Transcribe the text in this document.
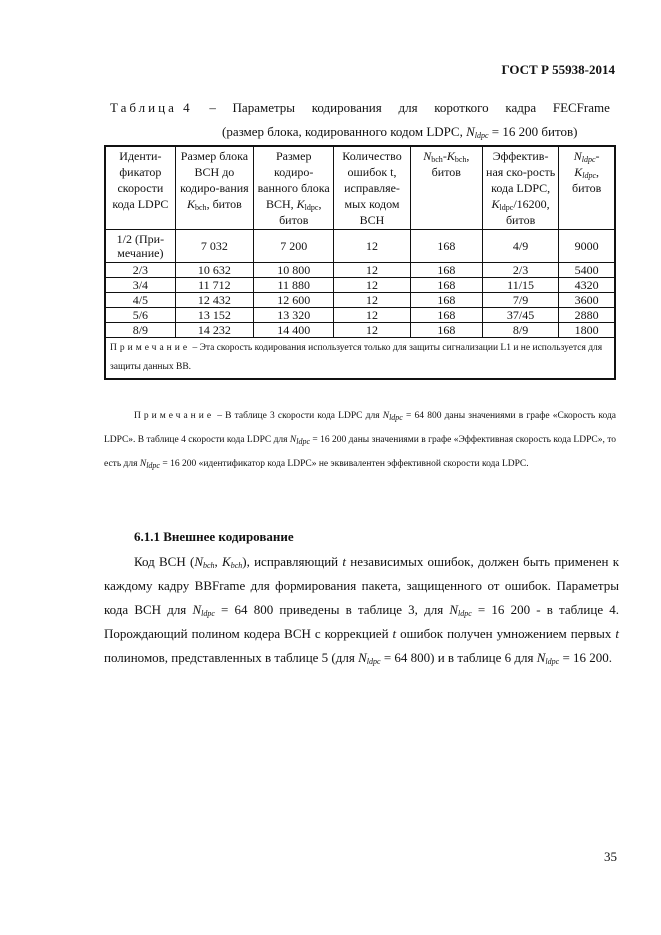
ГОСТ Р 55938-2014
Таблица 4 – Параметры кодирования для короткого кадра FECFrame
(размер блока, кодированного кодом LDPC, $N_{ldpc} = 16$ 200 битов)
Иденти-фикатор скорости кода LDPC	Размер блока ВСН до кодиро-вания $K_{bch}$, битов	Размер кодиро-ванного блока ВСН, $K_{ldpc}$, битов	Количество ошибок t, исправляе-мых кодом ВСН	$N_{bch}-K_{bch}$, битов	Эффектив-ная ско-рость кода LDPC, $K_{ldpc}/16200$, битов	$N_{ldpc}-$ $K_{ldpc}$, битов
1/2 (При-мечание)	7 032	7 200	12	168	4/9	9000
2/3	10 632	10 800	12	168	2/3	5400
3/4	11 712	11 880	12	168	11/15	4320
4/5	12 432	12 600	12	168	7/9	3600
5/6	13 152	13 320	12	168	37/45	2880
8/9	14 232	14 400	12	168	8/9	1800
Примечание – Эта скорость кодирования используется только для защиты сигнализации L1 и не используется для защиты данных ВВ.						
Примечание – В таблице 3 скорости кода LDPC для $N_{ldpc} = 64$ 800 даны значениями в графе «Скорость кода LDPC». В таблице 4 скорости кода LDPC для $N_{ldpc} = 16$ 200 даны значениями в графе «Эффективная скорость кода LDPC», то есть для $N_{ldpc} = 16$ 200 «идентификатор кода LDPC» не эквивалентен эффективной скорости кода LDPC.
6.1.1 Внешнее кодирование
Код ВСН ($N_{bch}$, $K_{bch}$), исправляющий t независимых ошибок, должен быть применен к каждому кадру BBFrame для формирования пакета, защищенного от ошибок. Параметры кода ВСН для $N_{ldpc} = 64$ 800 приведены в таблице 3, для $N_{ldpc} = 16$ 200 - в таблице 4. Порождающий полином кодера ВСН с коррекцией t ошибок получен умножением первых t полиномов, представленных в таблице 5 (для $N_{ldpc} = 64$ 800) и в таблице 6 для $N_{ldpc} = 16$ 200.
35
